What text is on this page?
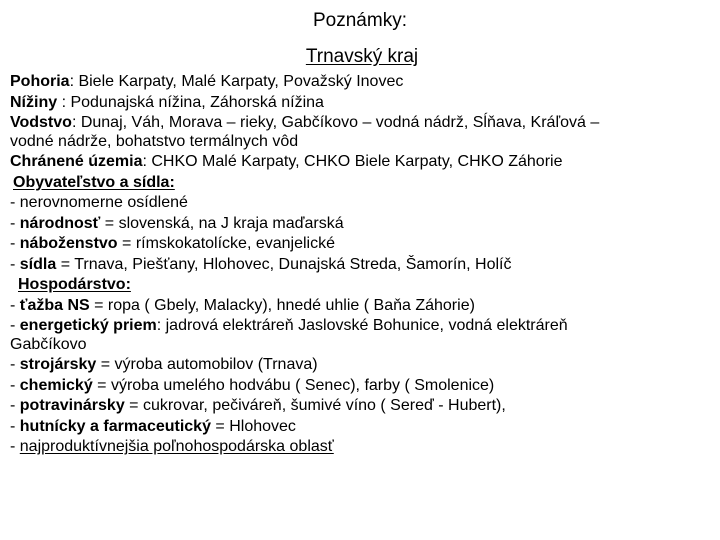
Poznámky:
Trnavský kraj
Pohoria: Biele Karpaty, Malé Karpaty, Považský Inovec
Nížiny : Podunajská nížina, Záhorská nížina
Vodstvo: Dunaj, Váh, Morava – rieky, Gabčíkovo – vodná nádrž, Sĺňava, Kráľová –
vodné nádrže, bohatstvo termálnych vôd
Chránené územia: CHKO Malé Karpaty, CHKO Biele Karpaty, CHKO Záhorie
Obyvateľstvo a sídla:
- nerovnomerne osídlené
- národnosť = slovenská, na J kraja maďarská
- náboženstvo = rímskokatolícke, evanjelické
- sídla = Trnava, Piešťany, Hlohovec, Dunajská Streda, Šamorín, Holíč
Hospodárstvo:
- ťažba NS = ropa ( Gbely, Malacky), hnedé uhlie ( Baňa Záhorie)
- energetický priem: jadrová elektráreň Jaslovské Bohunice, vodná elektráreň
Gabčíkovo
- strojársky = výroba automobilov (Trnava)
- chemický = výroba umelého hodvábu ( Senec), farby ( Smolenice)
- potravinársky = cukrovar, pečiváreň, šumivé víno ( Sereď - Hubert),
- hutnícky a farmaceutický = Hlohovec
- najproduktívnejšia poľnohospodárska oblasť
